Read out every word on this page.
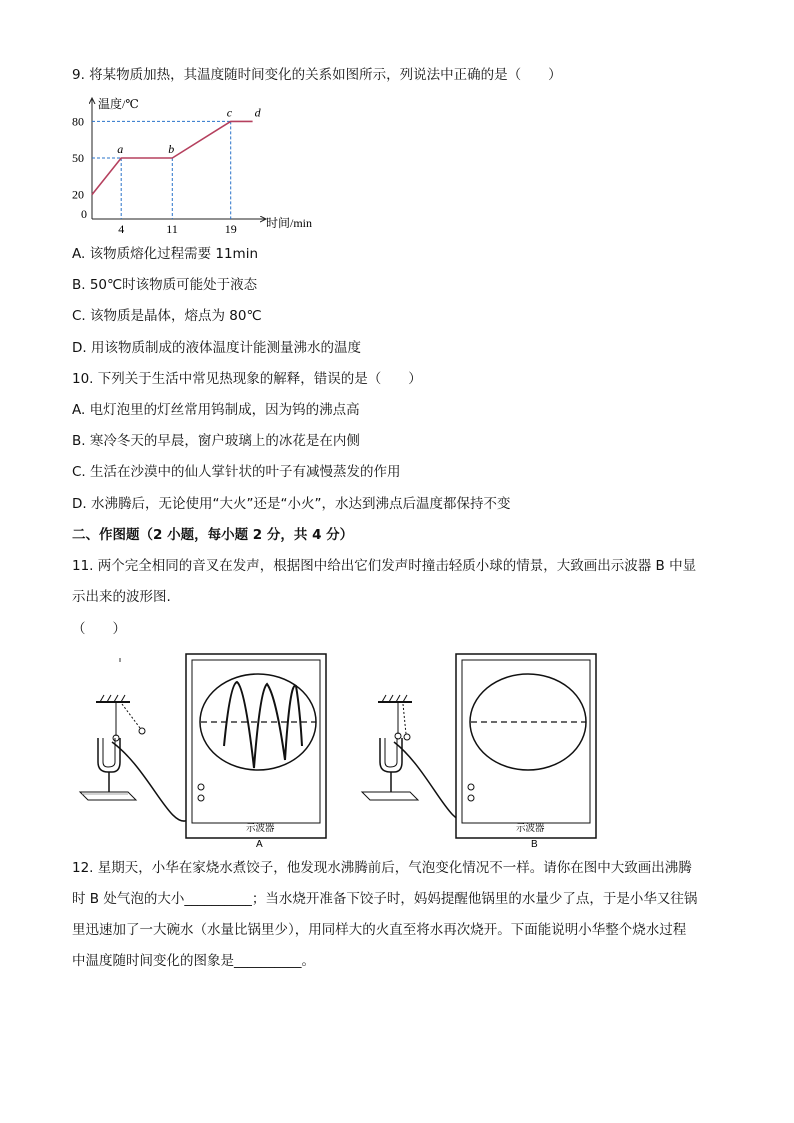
9. 将某物质加热，其温度随时间变化的关系如图所示，列说法中正确的是（　　）
a	b
c d
20
50
80
4	11	19
温度/℃
时间/min
0
A. 该物质熔化过程需要 11min
B. 50℃时该物质可能处于液态
C. 该物质是晶体，熔点为 80℃
D. 用该物质制成的液体温度计能测量沸水的温度
10. 下列关于生活中常见热现象的解释，错误的是（　　）
A. 电灯泡里的灯丝常用钨制成，因为钨的沸点高
B. 寒冷冬天的早晨，窗户玻璃上的冰花是在内侧
C. 生活在沙漠中的仙人掌针状的叶子有减慢蒸发的作用
D. 水沸腾后，无论使用“大火”还是“小火”，水达到沸点后温度都保持不变
二、作图题（2 小题，每小题 2 分，共 4 分）
11. 两个完全相同的音叉在发声，根据图中给出它们发声时撞击轻质小球的情景，大致画出示波器 B 中显
示出来的波形图.
（　　）
示波器
A
示波器
B
12. 星期天，小华在家烧水煮饺子，他发现水沸腾前后，气泡变化情况不一样。请你在图中大致画出沸腾
时 B 处气泡的大小__________；当水烧开准备下饺子时，妈妈提醒他锅里的水量少了点，于是小华又往锅
里迅速加了一大碗水（水量比锅里少），用同样大的火直至将水再次烧开。下面能说明小华整个烧水过程
中温度随时间变化的图象是__________。
